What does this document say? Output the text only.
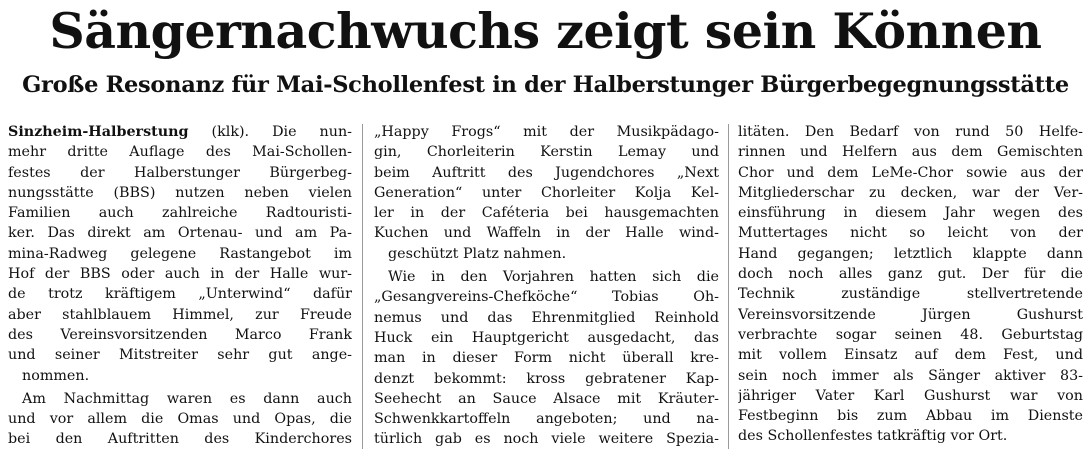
Sängernachwuchs zeigt sein Können
Große Resonanz für Mai-Schollenfest in der Halberstunger Bürgerbegegnungsstätte

Sinzheim-Halberstung (klk). Die nun-
mehr dritte Auflage des Mai-Schollen-
festes der Halberstunger Bürgerbeg-
nungsstätte (BBS) nutzen neben vielen
Familien auch zahlreiche Radtouristi-
ker. Das direkt am Ortenau- und am Pa-
mina-Radweg gelegene Rastangebot im
Hof der BBS oder auch in der Halle wur-
de trotz kräftigem „Unterwind“ dafür
aber stahlblauem Himmel, zur Freude
des Vereinsvorsitzenden Marco Frank
und seiner Mitstreiter sehr gut ange-
nommen.

Am Nachmittag waren es dann auch
und vor allem die Omas und Opas, die
bei den Auftritten des Kinderchores

„Happy Frogs“ mit der Musikpädago-
gin, Chorleiterin Kerstin Lemay und
beim Auftritt des Jugendchores „Next
Generation“ unter Chorleiter Kolja Kel-
ler in der Caféteria bei hausgemachten
Kuchen und Waffeln in der Halle wind-
geschützt Platz nahmen.

Wie in den Vorjahren hatten sich die
„Gesangvereins-Chefköche“ Tobias Oh-
nemus und das Ehrenmitglied Reinhold
Huck ein Hauptgericht ausgedacht, das
man in dieser Form nicht überall kre-
denzt bekommt: kross gebratener Kap-
Seehecht an Sauce Alsace mit Kräuter-
Schwenkkartoffeln angeboten; und na-
türlich gab es noch viele weitere Spezia-

litäten. Den Bedarf von rund 50 Helfe-
rinnen und Helfern aus dem Gemischten
Chor und dem LeMe-Chor sowie aus der
Mitgliederschar zu decken, war der Ver-
einsführung in diesem Jahr wegen des
Muttertages nicht so leicht von der
Hand gegangen; letztlich klappte dann
doch noch alles ganz gut. Der für die
Technik zuständige stellvertretende
Vereinsvorsitzende Jürgen Gushurst
verbrachte sogar seinen 48. Geburtstag
mit vollem Einsatz auf dem Fest, und
sein noch immer als Sänger aktiver 83-
jähriger Vater Karl Gushurst war von
Festbeginn bis zum Abbau im Dienste
des Schollenfestes tatkräftig vor Ort.
